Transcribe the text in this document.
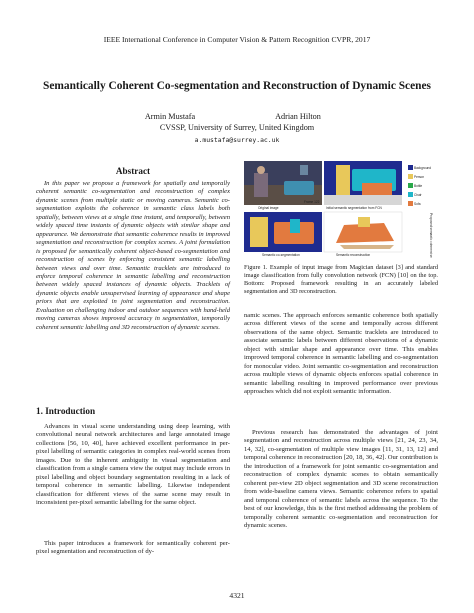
IEEE International Conference in Computer Vision & Pattern Recognition CVPR, 2017
Semantically Coherent Co-segmentation and Reconstruction of Dynamic Scenes
Armin Mustafa	Adrian Hilton
CVSSP, University of Surrey, United Kingdom
a.mustafa@surrey.ac.uk
Abstract
In this paper we propose a framework for spatially and temporally coherent semantic co-segmentation and reconstruction of complex dynamic scenes from multiple static or moving cameras. Semantic co-segmentation exploits the coherence in semantic class labels both spatially, between views at a single time instant, and temporally, between widely spaced time instants of dynamic objects with similar shape and appearance. We demonstrate that semantic coherence results in improved segmentation and reconstruction for complex scenes. A joint formulation is proposed for semantically coherent object-based co-segmentation and reconstruction of scenes by enforcing consistent semantic labelling between views and over time. Semantic tracklets are introduced to enforce temporal coherence in semantic labelling and reconstruction between widely spaced instances of dynamic objects. Tracklets of dynamic objects enable unsupervised learning of appearance and shape priors that are exploited in joint segmentation and reconstruction. Evaluation on challenging indoor and outdoor sequences with hand-held moving cameras shows improved accuracy in segmentation, temporally coherent semantic labelling and 3D reconstruction of dynamic scenes.
1. Introduction
Advances in visual scene understanding using deep learning, with convolutional neural network architectures and large annotated image collections [56, 10, 40], have achieved excellent performance in per-pixel labelling of semantic categories in complex real-world scenes from images. Due to the inherent ambiguity in visual segmentation and classification from a single camera view the output may include errors in pixel labelling and object boundary segmentation resulting in a lack of temporal coherence in semantic labelling. Likewise independent classification for different views of the same scene may result in inconsistent per-pixel semantic labelling for the same object.
This paper introduces a framework for semantically coherent per-pixel segmentation and reconstruction of dy-
Original image
Frame 122
Initial semantic segmentation from FCN
Semantic co-segmentation	Semantic reconstruction
Background
Person
Bottle
Chair
Sofa
Proposed semantic coherent segmentation
Figure 1. Example of input image from Magician dataset [3] and standard image classification from fully convolution network (FCN) [10] on the top. Bottom: Proposed framework resulting in an accurately labeled segmentation and 3D reconstruction.
namic scenes. The approach enforces semantic coherence both spatially across different views of the scene and temporally across different observations of the same object. Semantic tracklets are introduced to associate semantic labels between different observations of a dynamic object with similar shape and appearance over time. This enables improved temporal coherence in semantic labelling and co-segmentation for monocular video. Joint semantic co-segmentation and reconstruction across multiple views of dynamic objects enforces spatial coherence in semantic labelling resulting in improved performance over previous approaches which did not exploit semantic information.
Previous research has demonstrated the advantages of joint segmentation and reconstruction across multiple views [21, 24, 23, 34, 14, 32], co-segmentation of multiple view images [11, 31, 13, 12] and temporal coherence in reconstruction [20, 18, 36, 42]. Our contribution is the introduction of a framework for joint semantic co-segmentation and reconstruction of complex dynamic scenes to obtain semantically coherent per-view 2D object segmentation and 3D scene reconstruction from wide-baseline camera views. Semantic coherence refers to spatial and temporal coherence of semantic labels across the sequence. To the best of our knowledge, this is the first method addressing the problem of temporally coherent semantic co-segmentation and reconstruction for dynamic scenes.
4321
